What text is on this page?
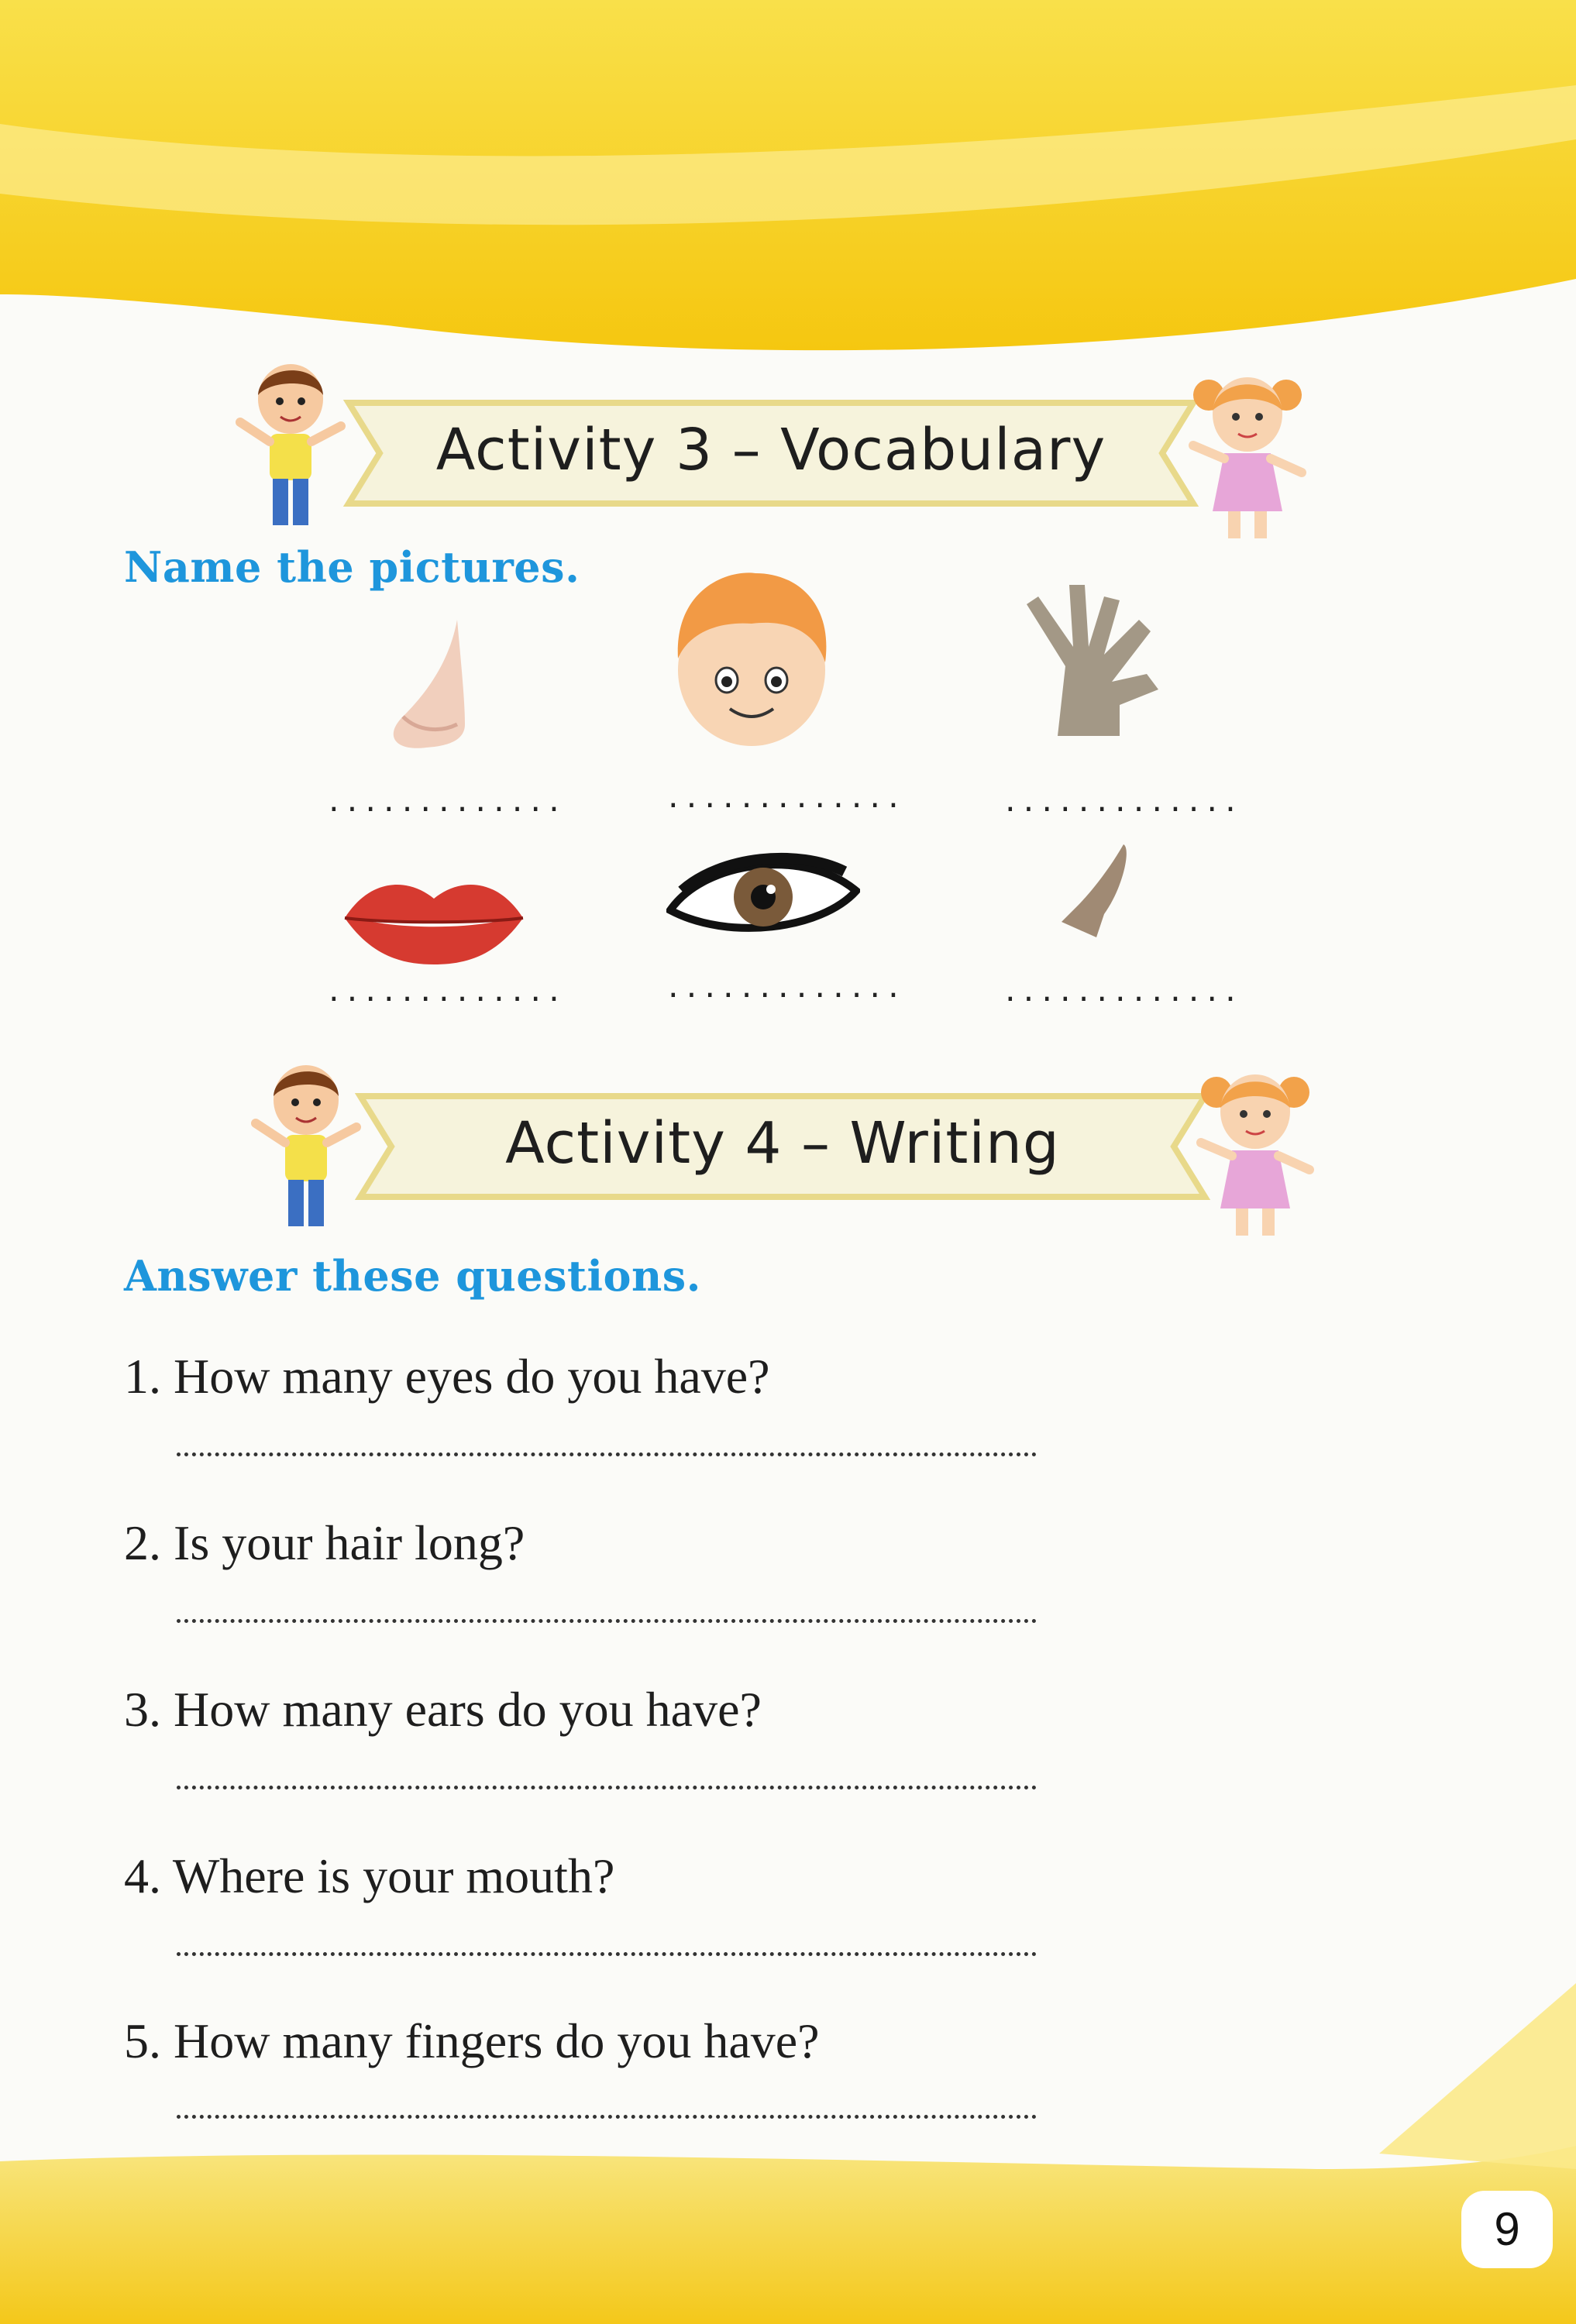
Activity 3 – Vocabulary
Name the pictures.
.............	.............	.............
.............	.............	.............
Activity 4 – Writing
Answer these questions.
1. How many eyes do you have?
2. Is your hair long?
3. How many ears do you have?
4. Where is your mouth?
5. How many fingers do you have?
9
